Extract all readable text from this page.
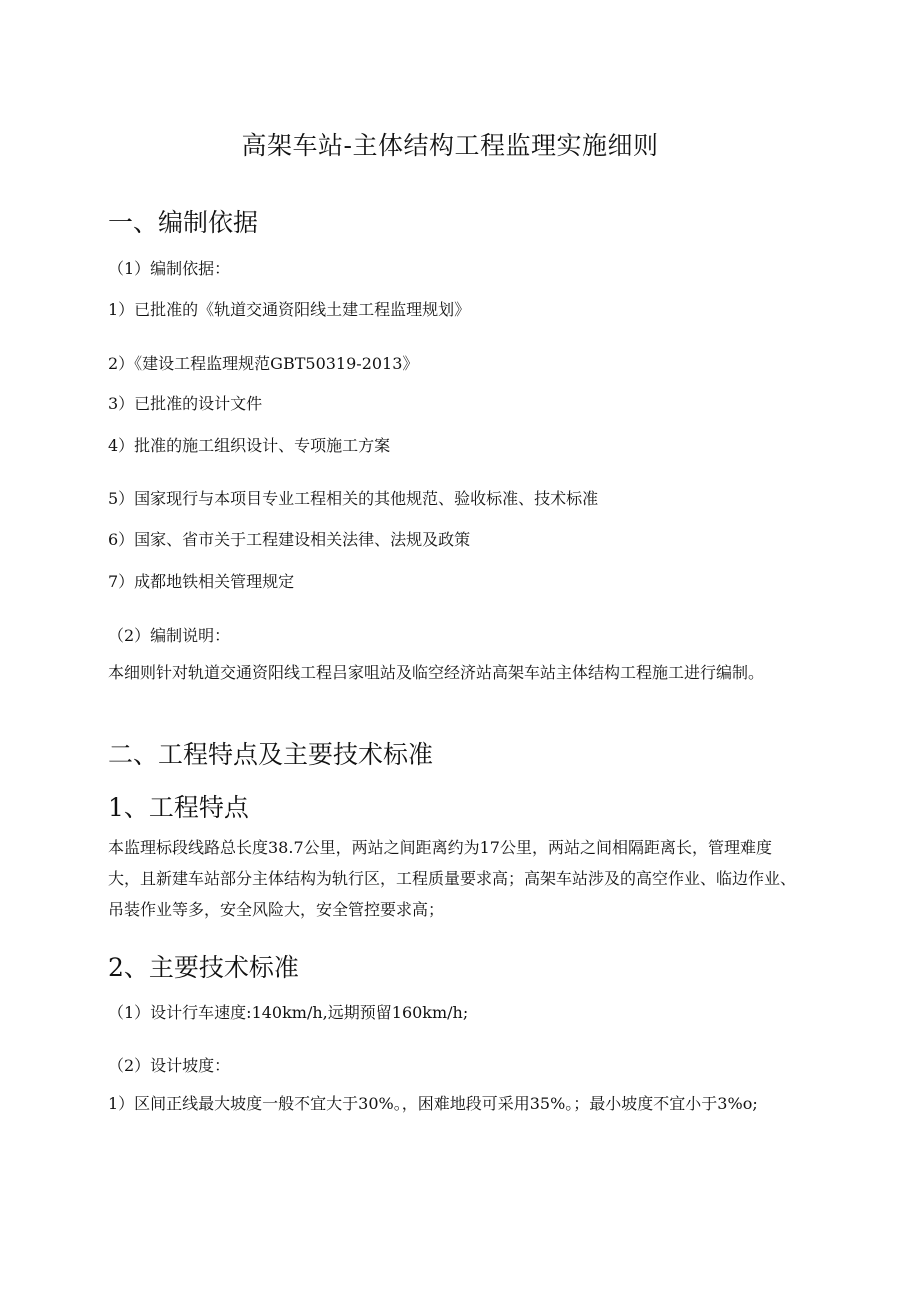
高架车站-主体结构工程监理实施细则
一、编制依据
（1）编制依据：
1）已批准的《轨道交通资阳线土建工程监理规划》
2）《建设工程监理规范GBT50319-2013》
3）已批准的设计文件
4）批准的施工组织设计、专项施工方案
5）国家现行与本项目专业工程相关的其他规范、验收标准、技术标准
6）国家、省市关于工程建设相关法律、法规及政策
7）成都地铁相关管理规定
（2）编制说明：
本细则针对轨道交通资阳线工程吕家咀站及临空经济站高架车站主体结构工程施工进行编制。
二、工程特点及主要技术标准
1、工程特点
本监理标段线路总长度38.7公里，两站之间距离约为17公里，两站之间相隔距离长，管理难度大，且新建车站部分主体结构为轨行区，工程质量要求高；高架车站涉及的高空作业、临边作业、吊装作业等多，安全风险大，安全管控要求高；
2、主要技术标准
（1）设计行车速度:140km/h,远期预留160km/h;
（2）设计坡度：
1）区间正线最大坡度一般不宜大于30%。，困难地段可采用35%。；最小坡度不宜小于3%o;
